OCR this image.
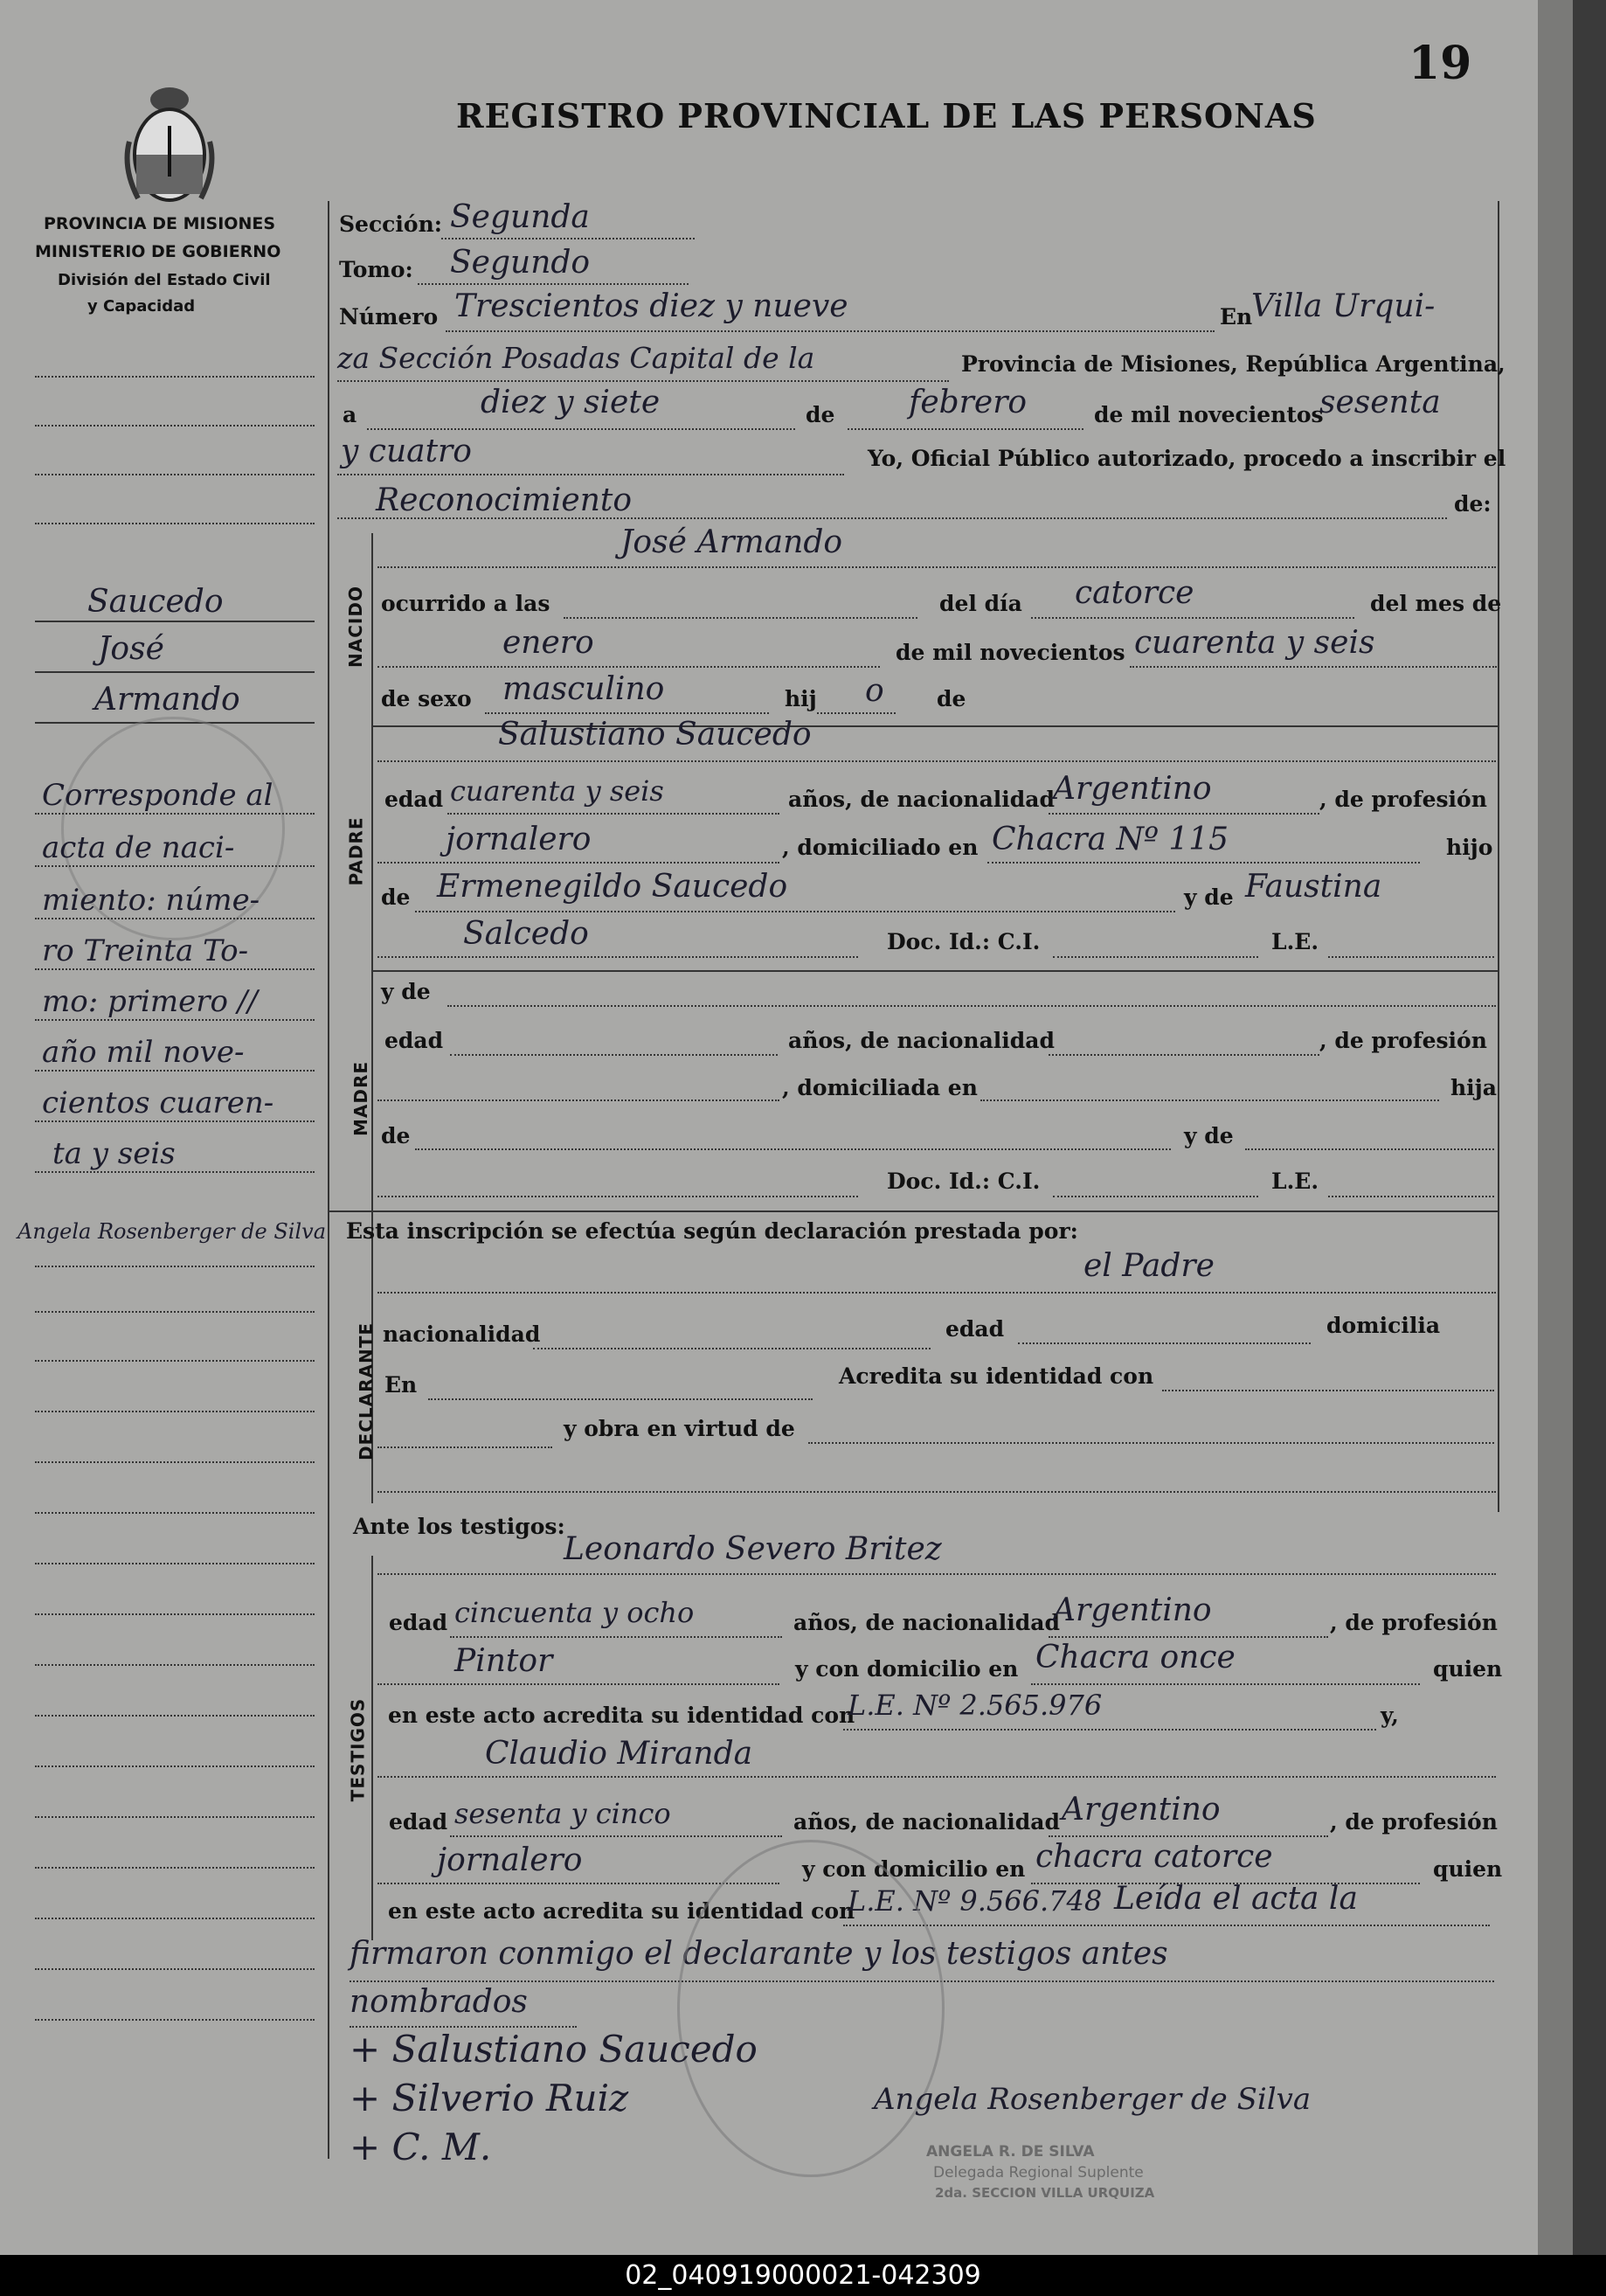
19
REGISTRO PROVINCIAL DE LAS PERSONAS
PROVINCIA DE MISIONES
MINISTERIO DE GOBIERNO
División del Estado Civil
y Capacidad
Saucedo
José
Armando
Corresponde al
acta de naci-
miento: núme-
ro Treinta To-
mo: primero //
año mil nove-
cientos cuaren-
ta y seis
Angela Rosenberger de Silva
Sección: Segunda
Tomo: Segundo
Número Trescientos diez y nueve	En
Villa Urqui-
za Sección Posadas Capital de la	Provincia de Misiones, República Argentina,
a	diez y siete	de febrero	de mil novecientos
sesenta
y cuatro	Yo, Oficial Público autorizado, procedo a inscribir el
Reconocimiento	de:
NACIDO
José Armando
ocurrido a las	del día catorce	del mes de
enero	de mil novecientos cuarenta y seis
de sexo masculino	hij o de
Salustiano Saucedo
PADRE
edad cuarenta y seis	años, de nacionalidad
Argentino	, de profesión
jornalero	, domiciliado en Chacra Nº 115	hijo
de Ermenegildo Saucedo	y de Faustina
Salcedo	Doc. Id.: C.I.	L.E.
MADRE
y de
edad	años, de nacionalidad	, de profesión
, domiciliada en	hija
de	y de
Doc. Id.: C.I.	L.E.
Esta inscripción se efectúa según declaración prestada por:
el Padre
DECLARANTE nacionalidad	edad	domicilia
En	Acredita su identidad con
y obra en virtud de
Ante los testigos:
Leonardo Severo Britez
TESTIGOS
edad cincuenta y ocho	años, de nacionalidad
Argentino	, de profesión
Pintor	y con domicilio en Chacra once	quien
en este acto acredita su identidad con
L.E. Nº 2.565.976	y,
Claudio Miranda
edad sesenta y cinco	años, de nacionalidad Argentino	, de profesión
jornalero	y con domicilio en chacra catorce	quien
en este acto acredita su identidad con
L.E. Nº 9.566.748 Leída el acta la
firmaron conmigo el declarante y los testigos antes
nombrados
+ Salustiano Saucedo
+ Silverio Ruiz
+ C. M.
Angela Rosenberger de Silva
ANGELA R. DE SILVA
Delegada Regional Suplente
2da. SECCION VILLA URQUIZA
02_040919000021-042309
